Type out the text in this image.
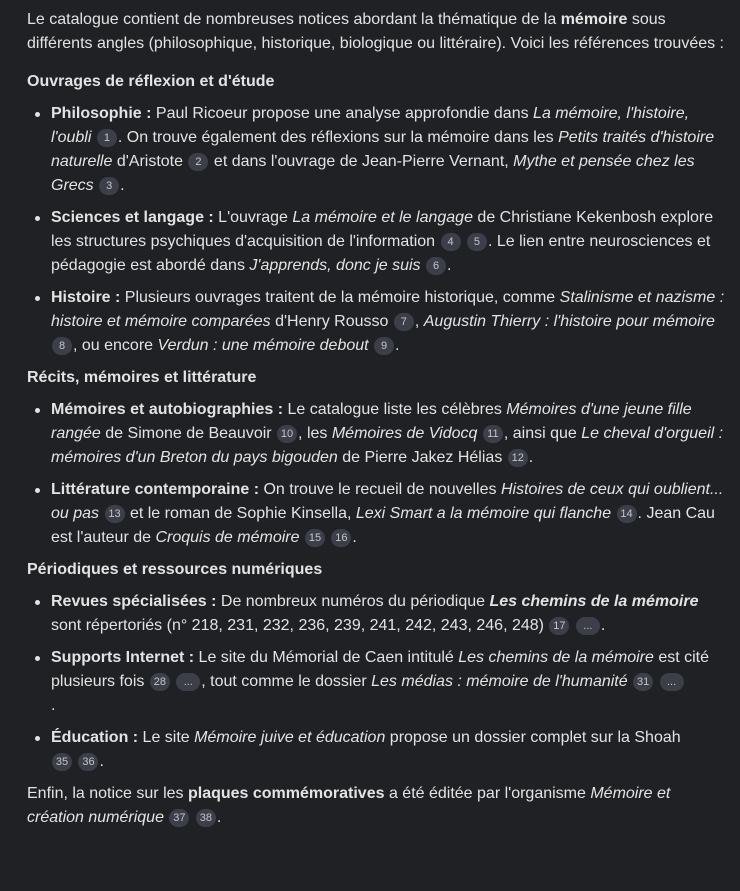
Le catalogue contient de nombreuses notices abordant la thématique de la mémoire sous différents angles (philosophique, historique, biologique ou littéraire). Voici les références trouvées :

Ouvrages de réflexion et d'étude
Philosophie : Paul Ricoeur propose une analyse approfondie dans La mémoire, l'histoire, l'oubli 1 . On trouve également des réflexions sur la mémoire dans les Petits traités d'histoire naturelle d'Aristote 2 et dans l'ouvrage de Jean-Pierre Vernant, Mythe et pensée chez les Grecs 3 .
Sciences et langage : L'ouvrage La mémoire et le langage de Christiane Kekenbosh explore les structures psychiques d'acquisition de l'information 4 5 . Le lien entre neurosciences et pédagogie est abordé dans J'apprends, donc je suis 6 .
Histoire : Plusieurs ouvrages traitent de la mémoire historique, comme Stalinisme et nazisme : histoire et mémoire comparées d'Henry Rousso 7 , Augustin Thierry : l'histoire pour mémoire 8 , ou encore Verdun : une mémoire debout 9 .
Récits, mémoires et littérature
Mémoires et autobiographies : Le catalogue liste les célèbres Mémoires d'une jeune fille rangée de Simone de Beauvoir 10 , les Mémoires de Vidocq 11 , ainsi que Le cheval d'orgueil : mémoires d'un Breton du pays bigouden de Pierre Jakez Hélias 12 .
Littérature contemporaine : On trouve le recueil de nouvelles Histoires de ceux qui oublient... ou pas 13 et le roman de Sophie Kinsella, Lexi Smart a la mémoire qui flanche 14 . Jean Cau est l'auteur de Croquis de mémoire 15 16 .
Périodiques et ressources numériques
Revues spécialisées : De nombreux numéros du périodique Les chemins de la mémoire sont répertoriés (n° 218, 231, 232, 236, 239, 241, 242, 243, 246, 248) 17 ... .
Supports Internet : Le site du Mémorial de Caen intitulé Les chemins de la mémoire est cité plusieurs fois 28 ... , tout comme le dossier Les médias : mémoire de l'humanité 31 ...
.
Éducation : Le site Mémoire juive et éducation propose un dossier complet sur la Shoah
35 36 .

Enfin, la notice sur les plaques commémoratives a été éditée par l'organisme Mémoire et création numérique 37 38 .
